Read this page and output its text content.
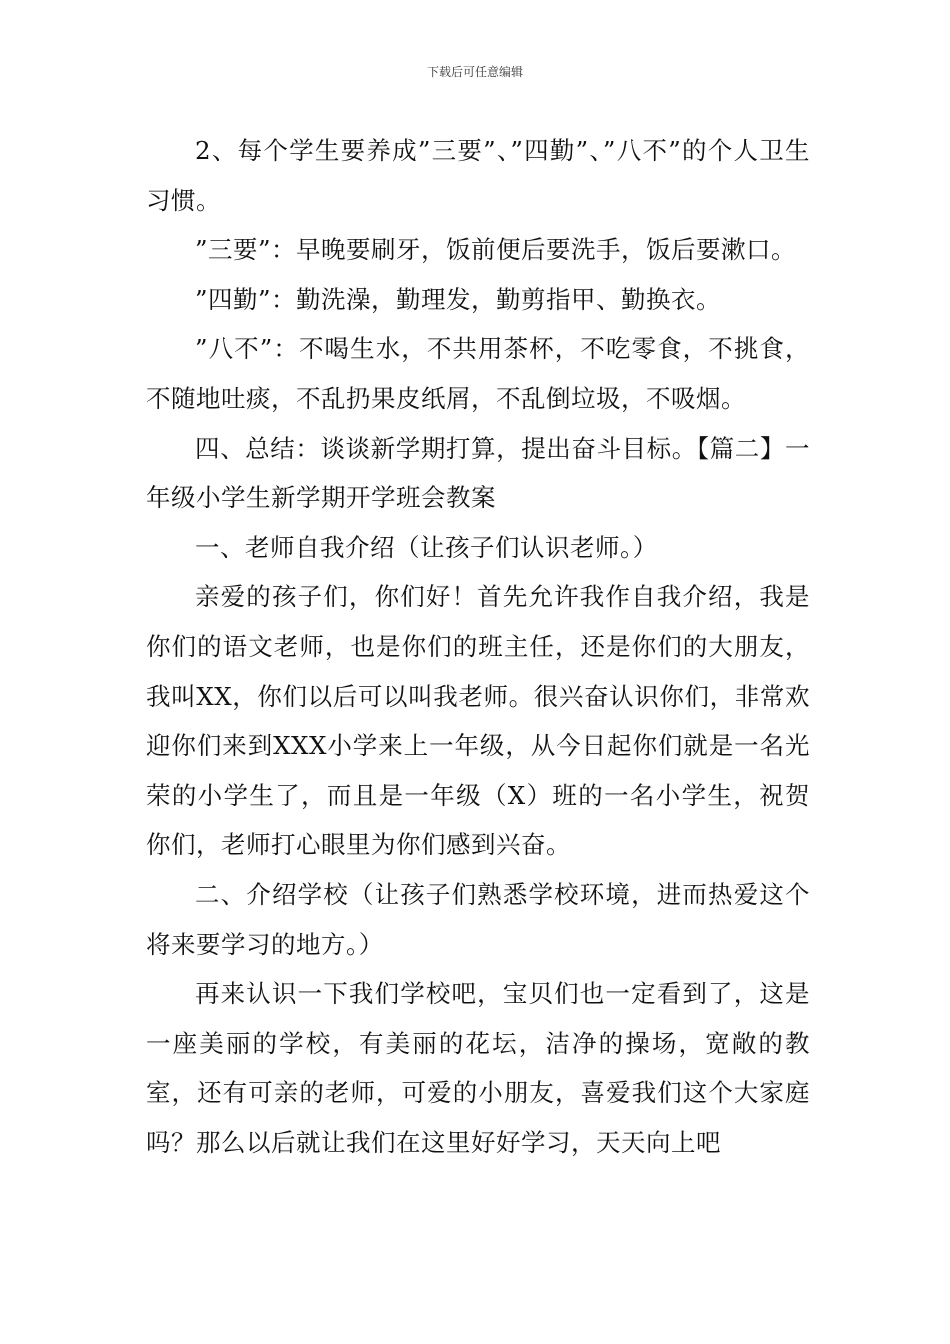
下载后可任意编辑

2、每个学生要养成”三要”、”四勤”、”八不”的个人卫生习惯。

”三要”：早晚要刷牙，饭前便后要洗手，饭后要漱口。

”四勤”：勤洗澡，勤理发，勤剪指甲、勤换衣。

”八不”：不喝生水，不共用茶杯，不吃零食，不挑食，不随地吐痰，不乱扔果皮纸屑，不乱倒垃圾，不吸烟。

四、总结：谈谈新学期打算，提出奋斗目标。【篇二】一年级小学生新学期开学班会教案

一、老师自我介绍（让孩子们认识老师。）

亲爱的孩子们，你们好！首先允许我作自我介绍，我是你们的语文老师，也是你们的班主任，还是你们的大朋友，我叫XX，你们以后可以叫我老师。很兴奋认识你们，非常欢迎你们来到XXX小学来上一年级，从今日起你们就是一名光荣的小学生了，而且是一年级（X）班的一名小学生，祝贺你们，老师打心眼里为你们感到兴奋。

二、介绍学校（让孩子们熟悉学校环境，进而热爱这个将来要学习的地方。）

再来认识一下我们学校吧，宝贝们也一定看到了，这是一座美丽的学校，有美丽的花坛，洁净的操场，宽敞的教室，还有可亲的老师，可爱的小朋友，喜爱我们这个大家庭吗？那么以后就让我们在这里好好学习，天天向上吧
